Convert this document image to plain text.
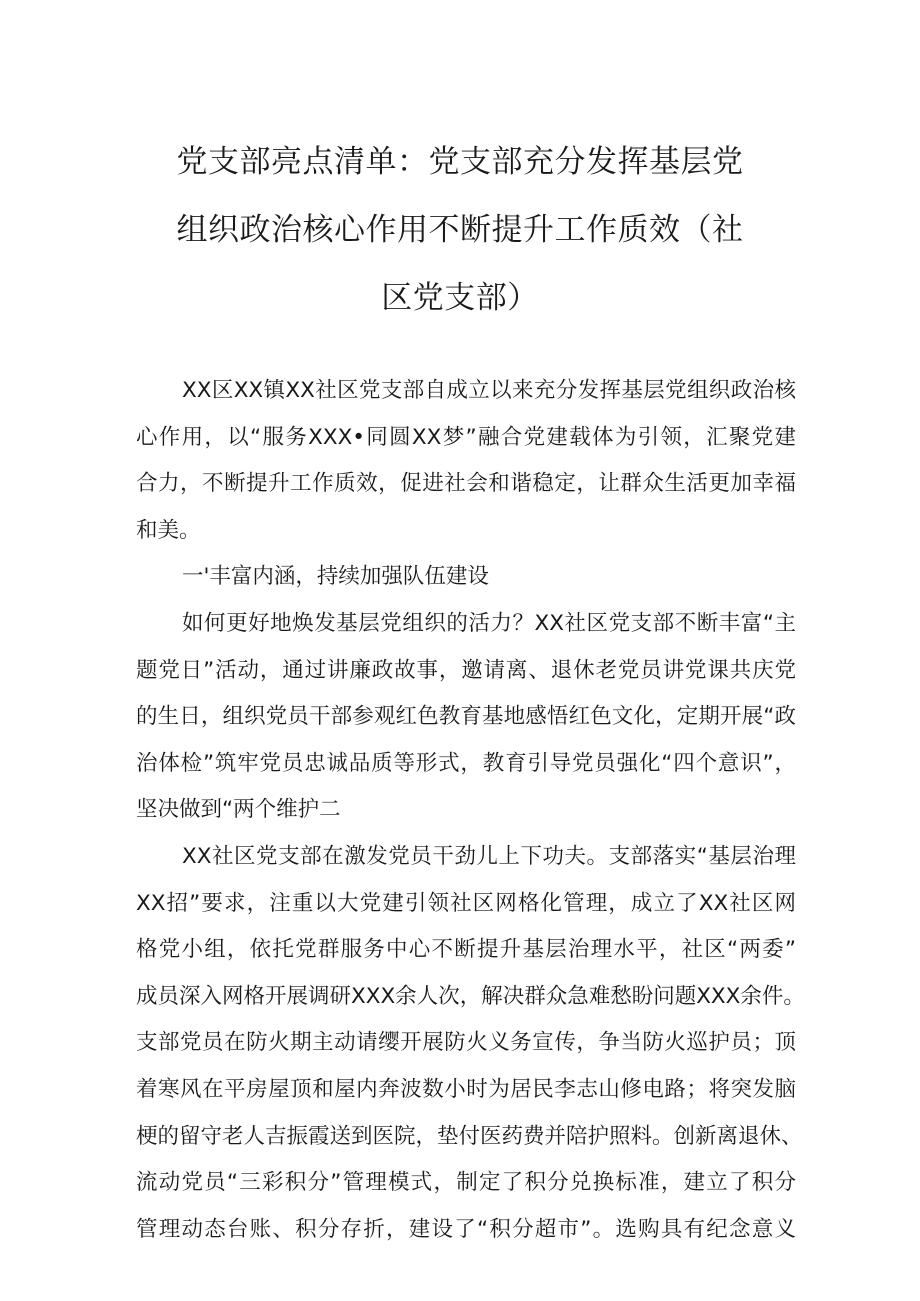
党支部亮点清单：党支部充分发挥基层党
组织政治核心作用不断提升工作质效（社
区党支部）
XX区XX镇XX社区党支部自成立以来充分发挥基层党组织政治核
心作用，以“服务XXX•同圆XX梦”融合党建载体为引领，汇聚党建
合力，不断提升工作质效，促进社会和谐稳定，让群众生活更加幸福
和美。
一'丰富内涵，持续加强队伍建设
如何更好地焕发基层党组织的活力？XX社区党支部不断丰富“主
题党日”活动，通过讲廉政故事，邀请离、退休老党员讲党课共庆党
的生日，组织党员干部参观红色教育基地感悟红色文化，定期开展“政
治体检”筑牢党员忠诚品质等形式，教育引导党员强化“四个意识”，
坚决做到“两个维护二
XX社区党支部在激发党员干劲儿上下功夫。支部落实“基层治理
XX招”要求，注重以大党建引领社区网格化管理，成立了XX社区网
格党小组，依托党群服务中心不断提升基层治理水平，社区“两委”
成员深入网格开展调研XXX余人次，解决群众急难愁盼问题XXX余件。
支部党员在防火期主动请缨开展防火义务宣传，争当防火巡护员；顶
着寒风在平房屋顶和屋内奔波数小时为居民李志山修电路；将突发脑
梗的留守老人吉振霞送到医院，垫付医药费并陪护照料。创新离退休、
流动党员“三彩积分”管理模式，制定了积分兑换标准，建立了积分
管理动态台账、积分存折，建设了“积分超市”。选购具有纪念意义
